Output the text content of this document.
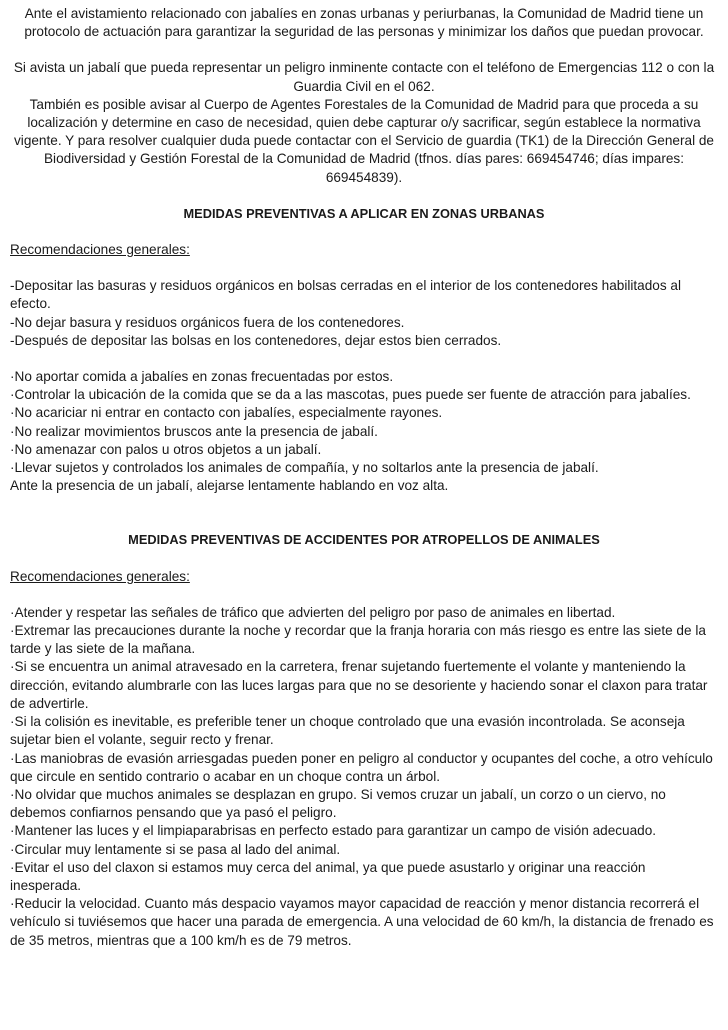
Ante el avistamiento relacionado con jabalíes en zonas urbanas y periurbanas, la Comunidad de Madrid tiene un protocolo de actuación para garantizar la seguridad de las personas y minimizar los daños que puedan provocar.

Si avista un jabalí que pueda representar un peligro inminente contacte con el teléfono de Emergencias 112 o con la Guardia Civil en el 062.

También es posible avisar al Cuerpo de Agentes Forestales de la Comunidad de Madrid para que proceda a su localización y determine en caso de necesidad, quien debe capturar o/y sacrificar, según establece la normativa vigente. Y para resolver cualquier duda puede contactar con el Servicio de guardia (TK1) de la Dirección General de Biodiversidad y Gestión Forestal de la Comunidad de Madrid (tfnos. días pares: 669454746; días impares: 669454839).

MEDIDAS PREVENTIVAS A APLICAR EN ZONAS URBANAS

Recomendaciones generales:

-Depositar las basuras y residuos orgánicos en bolsas cerradas en el interior de los contenedores habilitados al efecto.
-No dejar basura y residuos orgánicos fuera de los contenedores.
-Después de depositar las bolsas en los contenedores, dejar estos bien cerrados.
·No aportar comida a jabalíes en zonas frecuentadas por estos.
·Controlar la ubicación de la comida que se da a las mascotas, pues puede ser fuente de atracción para jabalíes.
·No acariciar ni entrar en contacto con jabalíes, especialmente rayones.
·No realizar movimientos bruscos ante la presencia de jabalí.
·No amenazar con palos u otros objetos a un jabalí.
·Llevar sujetos y controlados los animales de compañía, y no soltarlos ante la presencia de jabalí.
Ante la presencia de un jabalí, alejarse lentamente hablando en voz alta.

MEDIDAS PREVENTIVAS DE ACCIDENTES POR ATROPELLOS DE ANIMALES

Recomendaciones generales:

·Atender y respetar las señales de tráfico que advierten del peligro por paso de animales en libertad.
·Extremar las precauciones durante la noche y recordar que la franja horaria con más riesgo es entre las siete de la tarde y las siete de la mañana.
·Si se encuentra un animal atravesado en la carretera, frenar sujetando fuertemente el volante y manteniendo la dirección, evitando alumbrarle con las luces largas para que no se desoriente y haciendo sonar el claxon para tratar de advertirle.
·Si la colisión es inevitable, es preferible tener un choque controlado que una evasión incontrolada. Se aconseja sujetar bien el volante, seguir recto y frenar.
·Las maniobras de evasión arriesgadas pueden poner en peligro al conductor y ocupantes del coche, a otro vehículo que circule en sentido contrario o acabar en un choque contra un árbol.
·No olvidar que muchos animales se desplazan en grupo. Si vemos cruzar un jabalí, un corzo o un ciervo, no debemos confiarnos pensando que ya pasó el peligro.
·Mantener las luces y el limpiaparabrisas en perfecto estado para garantizar un campo de visión adecuado.
·Circular muy lentamente si se pasa al lado del animal.
·Evitar el uso del claxon si estamos muy cerca del animal, ya que puede asustarlo y originar una reacción inesperada.
·Reducir la velocidad. Cuanto más despacio vayamos mayor capacidad de reacción y menor distancia recorrerá el vehículo si tuviésemos que hacer una parada de emergencia. A una velocidad de 60 km/h, la distancia de frenado es de 35 metros, mientras que a 100 km/h es de 79 metros.
